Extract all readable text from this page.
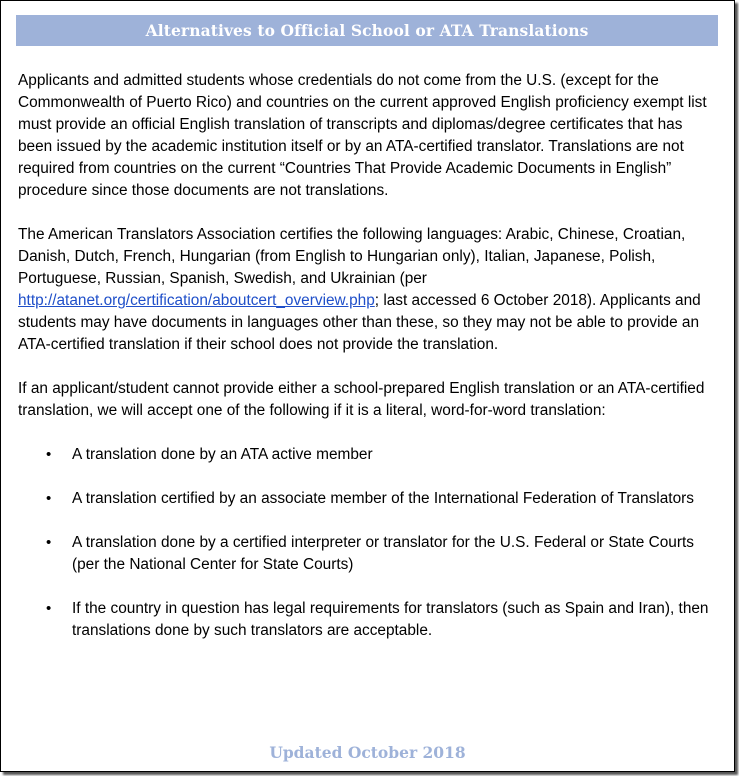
Alternatives to Official School or ATA Translations

Applicants and admitted students whose credentials do not come from the U.S. (except for the Commonwealth of Puerto Rico) and countries on the current approved English proficiency exempt list must provide an official English translation of transcripts and diplomas/degree certificates that has been issued by the academic institution itself or by an ATA-certified translator. Translations are not required from countries on the current “Countries That Provide Academic Documents in English” procedure since those documents are not translations.

The American Translators Association certifies the following languages: Arabic, Chinese, Croatian, Danish, Dutch, French, Hungarian (from English to Hungarian only), Italian, Japanese, Polish, Portuguese, Russian, Spanish, Swedish, and Ukrainian (per http://atanet.org/certification/aboutcert_overview.php; last accessed 6 October 2018). Applicants and students may have documents in languages other than these, so they may not be able to provide an ATA-certified translation if their school does not provide the translation.

If an applicant/student cannot provide either a school-prepared English translation or an ATA-certified translation, we will accept one of the following if it is a literal, word-for-word translation:

• A translation done by an ATA active member
• A translation certified by an associate member of the International Federation of Translators
• A translation done by a certified interpreter or translator for the U.S. Federal or State Courts (per the National Center for State Courts)
• If the country in question has legal requirements for translators (such as Spain and Iran), then translations done by such translators are acceptable.
Updated October 2018
